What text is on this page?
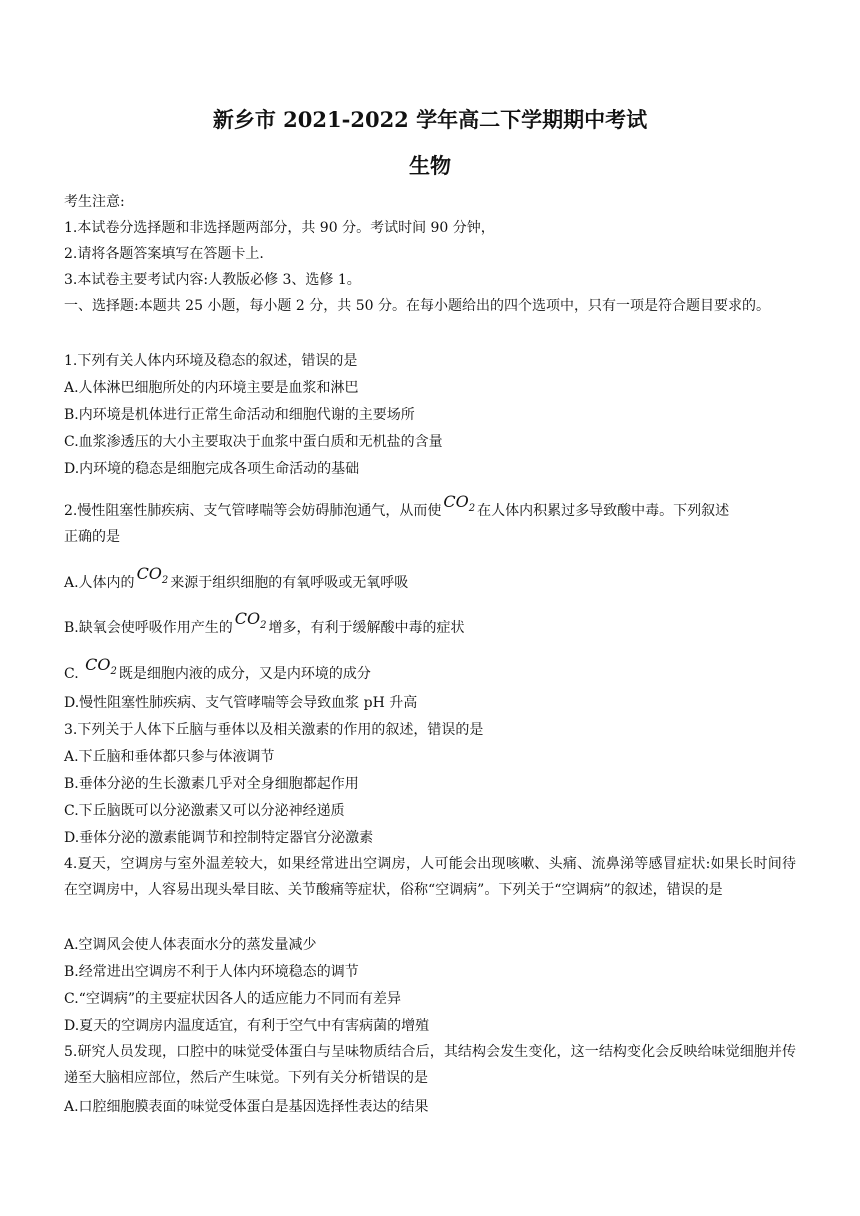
新乡市 2021-2022 学年高二下学期期中考试
生物
考生注意:
1.本试卷分选择题和非选择题两部分，共 90 分。考试时间 90 分钟，
2.请将各题答案填写在答题卡上.
3.本试卷主要考试内容:人教版必修 3、选修 1。
一、选择题:本题共 25 小题，每小题 2 分，共 50 分。在每小题给出的四个选项中，只有一项是符合题目要求的。
1.下列有关人体内环境及稳态的叙述，错误的是
A.人体淋巴细胞所处的内环境主要是血浆和淋巴
B.内环境是机体进行正常生命活动和细胞代谢的主要场所
C.血浆渗透压的大小主要取决于血浆中蛋白质和无机盐的含量
D.内环境的稳态是细胞完成各项生命活动的基础
2.慢性阻塞性肺疾病、支气管哮喘等会妨碍肺泡通气，从而使 $CO_2$ 在人体内积累过多导致酸中毒。下列叙述
正确的是
A.人体内的 $CO_2$ 来源于组织细胞的有氧呼吸或无氧呼吸
B.缺氧会使呼吸作用产生的 $CO_2$ 增多，有利于缓解酸中毒的症状
C. $CO_2$ 既是细胞内液的成分，又是内环境的成分
D.慢性阻塞性肺疾病、支气管哮喘等会导致血浆 pH 升高
3.下列关于人体下丘脑与垂体以及相关激素的作用的叙述，错误的是
A.下丘脑和垂体都只参与体液调节
B.垂体分泌的生长激素几乎对全身细胞都起作用
C.下丘脑既可以分泌激素又可以分泌神经递质
D.垂体分泌的激素能调节和控制特定器官分泌激素
4.夏天，空调房与室外温差较大，如果经常进出空调房，人可能会出现咳嗽、头痛、流鼻涕等感冒症状:如果长时间待在空调房中，人容易出现头晕目眩、关节酸痛等症状，俗称“空调病”。下列关于“空调病”的叙述，错误的是
A.空调风会使人体表面水分的蒸发量减少
B.经常进出空调房不利于人体内环境稳态的调节
C.“空调病”的主要症状因各人的适应能力不同而有差异
D.夏天的空调房内温度适宜，有利于空气中有害病菌的增殖
5.研究人员发现，口腔中的味觉受体蛋白与呈味物质结合后，其结构会发生变化，这一结构变化会反映给味觉细胞并传递至大脑相应部位，然后产生味觉。下列有关分析错误的是
A.口腔细胞膜表面的味觉受体蛋白是基因选择性表达的结果
